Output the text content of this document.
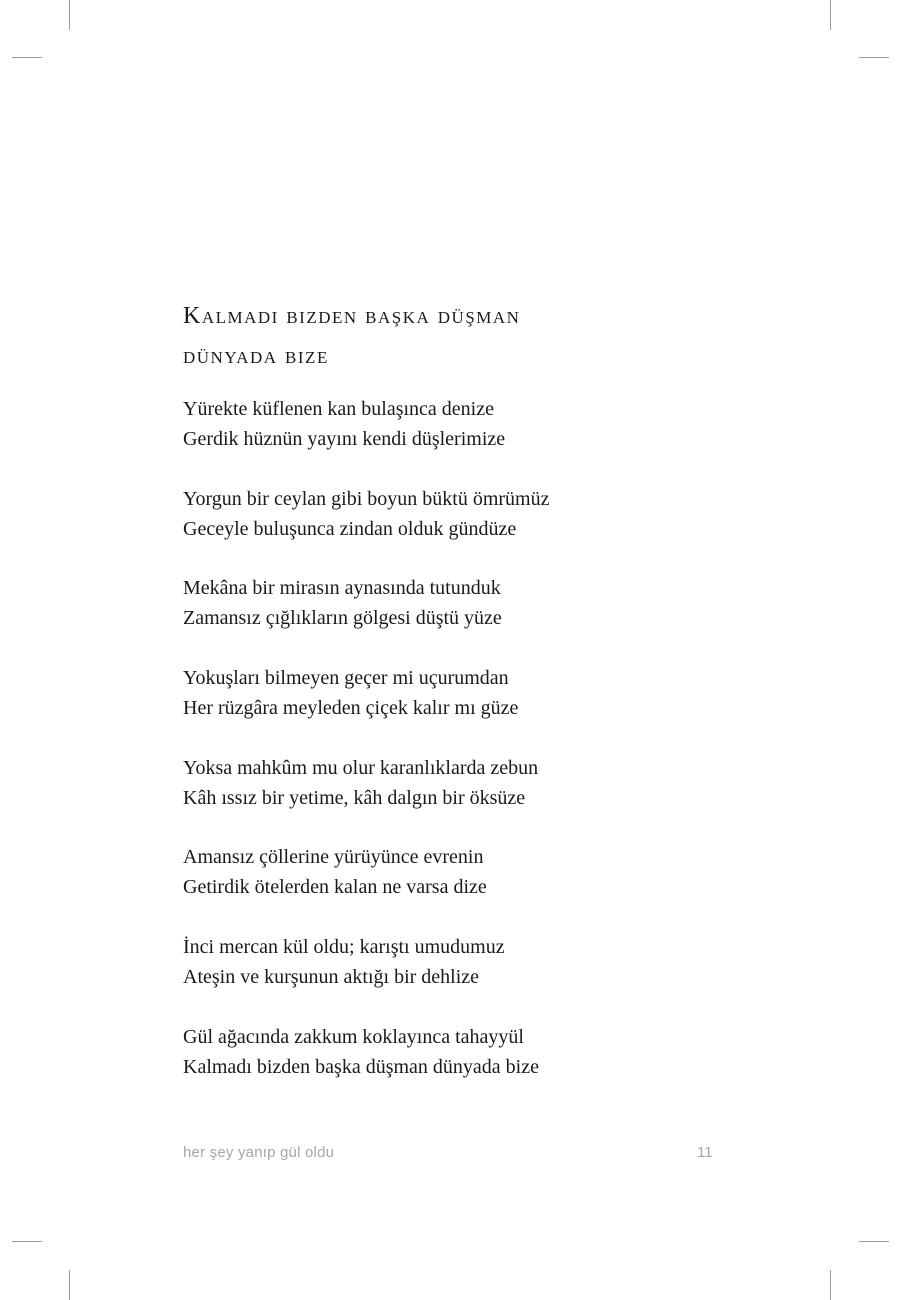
Kalmadı bizden başka düşman
dünyada bize
Yürekte küflenen kan bulaşınca denize
Gerdik hüznün yayını kendi düşlerimize
Yorgun bir ceylan gibi boyun büktü ömrümüz
Geceyle buluşunca zindan olduk gündüze
Mekâna bir mirasın aynasında tutunduk
Zamansız çığlıkların gölgesi düştü yüze
Yokuşları bilmeyen geçer mi uçurumdan
Her rüzgâra meyleden çiçek kalır mı güze
Yoksa mahkûm mu olur karanlıklarda zebun
Kâh ıssız bir yetime, kâh dalgın bir öksüze
Amansız çöllerine yürüyünce evrenin
Getirdik ötelerden kalan ne varsa dize
İnci mercan kül oldu; karıştı umudumuz
Ateşin ve kurşunun aktığı bir dehlize
Gül ağacında zakkum koklayınca tahayyül
Kalmadı bizden başka düşman dünyada bize
her şey yanıp gül oldu	11
